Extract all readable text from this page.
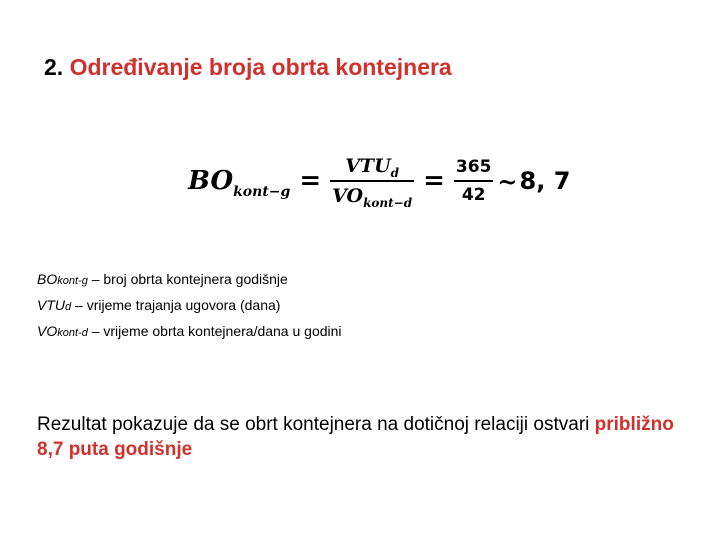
2. Određivanje broja obrta kontejnera
BOkont−g = $\frac{VTU_d}{VO_{kont-d}} = \frac{365}{42}$ ~ 8, 7
BOkont-g – broj obrta kontejnera godišnje
VTUd – vrijeme trajanja ugovora (dana)
VOkont-d – vrijeme obrta kontejnera/dana u godini
Rezultat pokazuje da se obrt kontejnera na dotičnoj relaciji ostvari približno 8,7 puta godišnje
